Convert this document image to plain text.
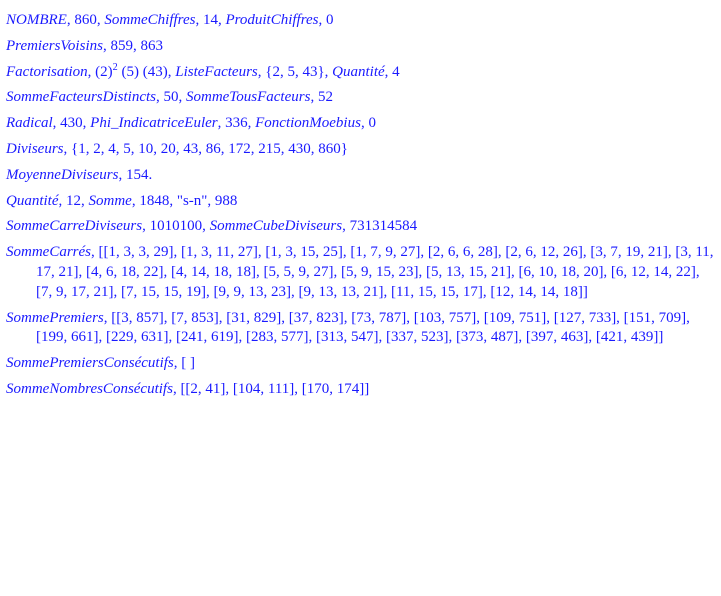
NOMBRE, 860, SommeChiffres, 14, ProduitChiffres, 0
PremiersVoisins, 859, 863
Factorisation, $(2)^2$ (5) (43), ListeFacteurs, {2, 5, 43}, Quantité, 4
SommeFacteursDistincts, 50, SommeTousFacteurs, 52
Radical, 430, Phi_IndicatriceEuler, 336, FonctionMoebius, 0
Diviseurs, {1, 2, 4, 5, 10, 20, 43, 86, 172, 215, 430, 860}
MoyenneDiviseurs, 154.
Quantité, 12, Somme, 1848, "s-n", 988
SommeCarreDiviseurs, 1010100, SommeCubeDiviseurs, 731314584
SommeCarrés, [[1, 3, 3, 29], [1, 3, 11, 27], [1, 3, 15, 25], [1, 7, 9, 27], [2, 6, 6, 28], [2, 6, 12, 26], [3, 7, 19, 21], [3, 11, 17, 21], [4, 6, 18, 22], [4, 14, 18, 18], [5, 5, 9, 27], [5, 9, 15, 23], [5, 13, 15, 21], [6, 10, 18, 20], [6, 12, 14, 22], [7, 9, 17, 21], [7, 15, 15, 19], [9, 9, 13, 23], [9, 13, 13, 21], [11, 15, 15, 17], [12, 14, 14, 18]]
SommePremiers, [[3, 857], [7, 853], [31, 829], [37, 823], [73, 787], [103, 757], [109, 751], [127, 733], [151, 709], [199, 661], [229, 631], [241, 619], [283, 577], [313, 547], [337, 523], [373, 487], [397, 463], [421, 439]]
SommePremiersConsécutifs, [ ]
SommeNombresConsécutifs, [[2, 41], [104, 111], [170, 174]]
